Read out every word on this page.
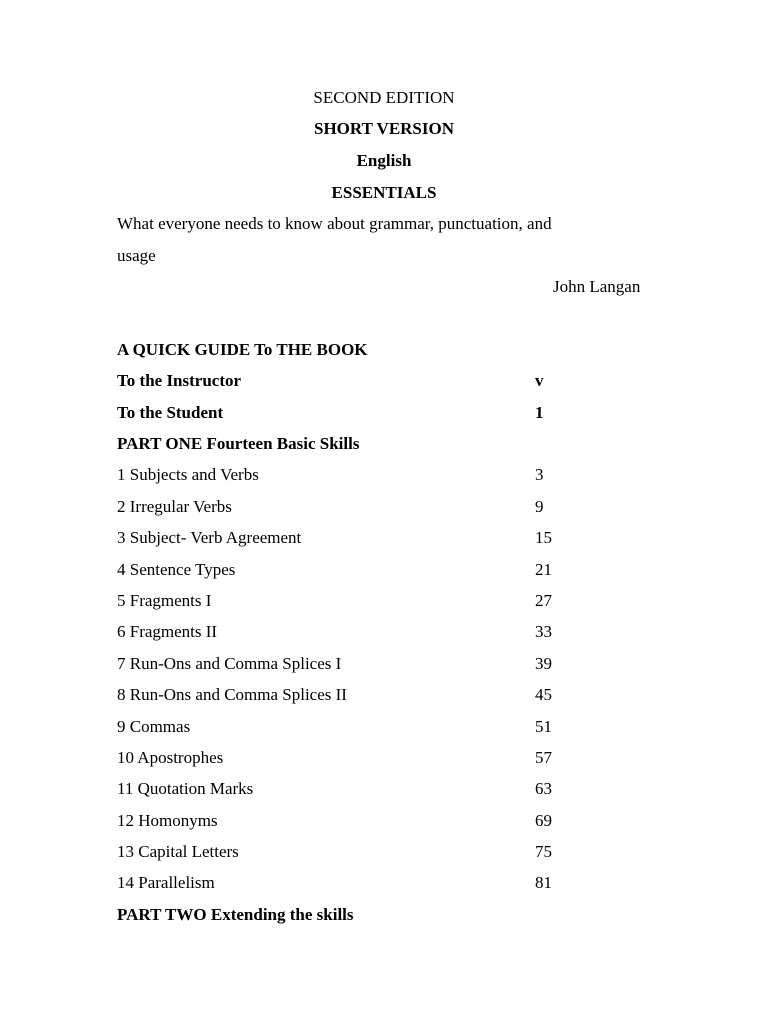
SECOND EDITION
SHORT VERSION
English
ESSENTIALS
What everyone needs to know about grammar, punctuation, and
usage
John Langan
A QUICK GUIDE To THE BOOK
To the Instructor	v
To the Student	1
PART ONE Fourteen Basic Skills
1 Subjects and Verbs	3
2 Irregular Verbs	9
3 Subject- Verb Agreement	15
4 Sentence Types	21
5 Fragments I	27
6 Fragments II	33
7 Run-Ons and Comma Splices I	39
8 Run-Ons and Comma Splices II	45
9 Commas	51
10 Apostrophes	57
11 Quotation Marks	63
12 Homonyms	69
13 Capital Letters	75
14 Parallelism	81
PART TWO Extending the skills
